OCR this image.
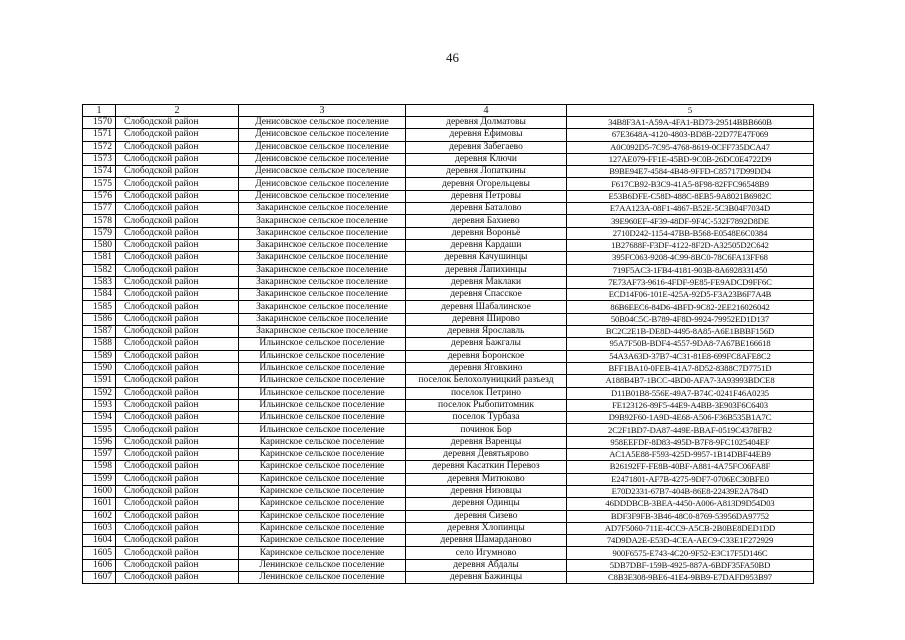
46
1	2	3	4	5
1570	Слободской район	Денисовское сельское поселение	деревня Долматовы	34B8F3A1-A59A-4FA1-BD73-29514BBB660B
1571	Слободской район	Денисовское сельское поселение	деревня Ефимовы	67E3648A-4120-4803-BD8B-22D77E47F069
1572	Слободской район	Денисовское сельское поселение	деревня Забегаево	A0C092D5-7C95-4768-8619-0CFF735DCA47
1573	Слободской район	Денисовское сельское поселение	деревня Ключи	127AE079-FF1E-45BD-9C0B-26DC0E4722D9
1574	Слободской район	Денисовское сельское поселение	деревня Лопаткины	B9BE94E7-4584-4B48-9FFD-C85717D99DD4
1575	Слободской район	Денисовское сельское поселение	деревня Огорельцевы	F617CB92-B3C9-41A5-8F98-82FFC96548B9
1576	Слободской район	Денисовское сельское поселение	деревня Петровы	E53B6DFE-C58D-488C-8EB5-9A8021B6982C
1577	Слободской район	Закаринское сельское поселение	деревня Баталово	E7AA123A-08F1-4867-B52E-5C3B04F7034D
1578	Слободской район	Закаринское сельское поселение	деревня Бахиево	39E960EF-4F39-48DF-9F4C-532F7892D8DE
1579	Слободской район	Закаринское сельское поселение	деревня Вороньё	2710D242-1154-47BB-B568-E0548E6C0384
1580	Слободской район	Закаринское сельское поселение	деревня Кардаши	1B27688F-F3DF-4122-8F2D-A32505D2C642
1581	Слободской район	Закаринское сельское поселение	деревня Качушинцы	395FC063-9208-4C99-8BC0-78C6FA13FF68
1582	Слободской район	Закаринское сельское поселение	деревня Лапихинцы	719F5AC3-1FB4-4181-903B-8A6928331450
1583	Слободской район	Закаринское сельское поселение	деревня Маклаки	7E73AF73-9616-4FDF-9E85-FE9ADCD9FF6C
1584	Слободской район	Закаринское сельское поселение	деревня Спасское	ECD14F06-101E-425A-92D5-F3A23B6F7A4B
1585	Слободской район	Закаринское сельское поселение	деревня Шабалинское	86B6EEC6-84D6-4BFD-9C82-2EE216026042
1586	Слободской район	Закаринское сельское поселение	деревня Широво	50B04C5C-B789-4F8D-9924-79952ED1D137
1587	Слободской район	Закаринское сельское поселение	деревня Ярославль	BC2C2E1B-DE8D-4495-8A85-A6E1BBBF156D
1588	Слободской район	Ильинское сельское поселение	деревня Бажгалы	95A7F50B-BDF4-4557-9DA8-7A67BE166618
1589	Слободской район	Ильинское сельское поселение	деревня Боронское	54A3A63D-37B7-4C31-81E8-699FC8AFE8C2
1590	Слободской район	Ильинское сельское поселение	деревня Яговкино	BFF1BA10-0FEB-41A7-8D52-8388C7D7751D
1591	Слободской район	Ильинское сельское поселение	поселок Белохолуницкий разъезд	A188B4B7-1BCC-4BD0-AFA7-3A93993BDCE8
1592	Слободской район	Ильинское сельское поселение	поселок Петрино	D11B01B8-556E-49A7-B74C-0241F46A0235
1593	Слободской район	Ильинское сельское поселение	поселок Рыбопитомник	FE123126-89F5-44E9-A4BB-3E903F6C6403
1594	Слободской район	Ильинское сельское поселение	поселок Турбаза	D9B92F60-1A9D-4E68-A506-F36B535B1A7C
1595	Слободской район	Ильинское сельское поселение	починок Бор	2C2F1BD7-DA87-449E-BBAF-0519C4378FB2
1596	Слободской район	Каринское сельское поселение	деревня Варенцы	958EEFDF-8D83-495D-B7F8-9FC1025404EF
1597	Слободской район	Каринское сельское поселение	деревня Девятьярово	AC1A5E88-F593-425D-9957-1B14DBF44EB9
1598	Слободской район	Каринское сельское поселение	деревня Касаткин Перевоз	B26192FF-FE8B-40BF-A881-4A75FC06FA8F
1599	Слободской район	Каринское сельское поселение	деревня Митюково	E2471801-AF7B-4275-9DF7-0706EC30BFE0
1600	Слободской район	Каринское сельское поселение	деревня Низовцы	E70D2331-67B7-404B-86E8-22439E2A784D
1601	Слободской район	Каринское сельское поселение	деревня Одинцы	46DDDBCB-3BEA-4450-A006-A813D9D54D03
1602	Слободской район	Каринское сельское поселение	деревня Сизево	BDF3F9FB-3B46-48C0-8769-53956DA97752
1603	Слободской район	Каринское сельское поселение	деревня Хлопинцы	AD7F5060-711E-4CC9-A5CB-2B0BE8DED1DD
1604	Слободской район	Каринское сельское поселение	деревня Шамарданово	74D9DA2E-E53D-4CEA-AEC9-C33E1F272929
1605	Слободской район	Каринское сельское поселение	село Игумново	900F6575-E743-4C20-9F52-E3C17F5D146C
1606	Слободской район	Ленинское сельское поселение	деревня Абдалы	5DB7DBF-159B-4925-887A-6BDF35FA50BD
1607	Слободской район	Ленинское сельское поселение	деревня Бажинцы	C8B3E308-9BE6-41E4-9BB9-E7DAFD953B97
